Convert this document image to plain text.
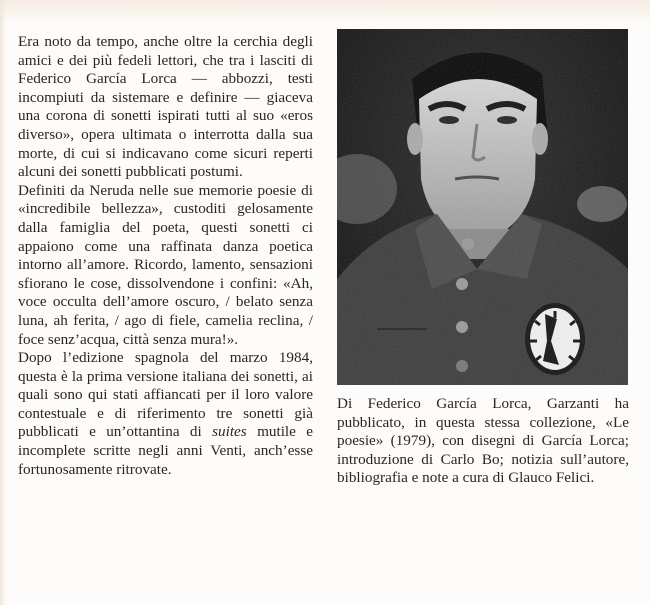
Era noto da tempo, anche oltre la cerchia degli amici e dei più fedeli lettori, che tra i lasciti di Federico García Lorca — abbozzi, testi incompiuti da sistemare e definire — giaceva una corona di sonetti ispirati tutti al suo «eros diverso», opera ultimata o interrotta dalla sua morte, di cui si indicavano come sicuri reperti alcuni dei sonetti pubblicati postumi.

Definiti da Neruda nelle sue memorie poesie di «incredibile bellezza», custoditi gelosamente dalla famiglia del poeta, questi sonetti ci appaiono come una raffinata danza poetica intorno all’amore. Ricordo, lamento, sensazioni sfiorano le cose, dissolvendone i confini: «Ah, voce occulta dell’amore oscuro, / belato senza luna, ah ferita, / ago di fiele, camelia reclina, / foce senz’acqua, città senza mura!».

Dopo l’edizione spagnola del marzo 1984, questa è la prima versione italiana dei sonetti, ai quali sono qui stati affiancati per il loro valore contestuale e di riferimento tre sonetti già pubblicati e un’ottantina di suites mutile e incomplete scritte negli anni Venti, anch’esse fortunosamente ritrovate.

Di Federico García Lorca, Garzanti ha pubblicato, in questa stessa collezione, «Le poesie» (1979), con disegni di García Lorca; introduzione di Carlo Bo; notizia sull’autore, bibliografia e note a cura di Glauco Felici.
